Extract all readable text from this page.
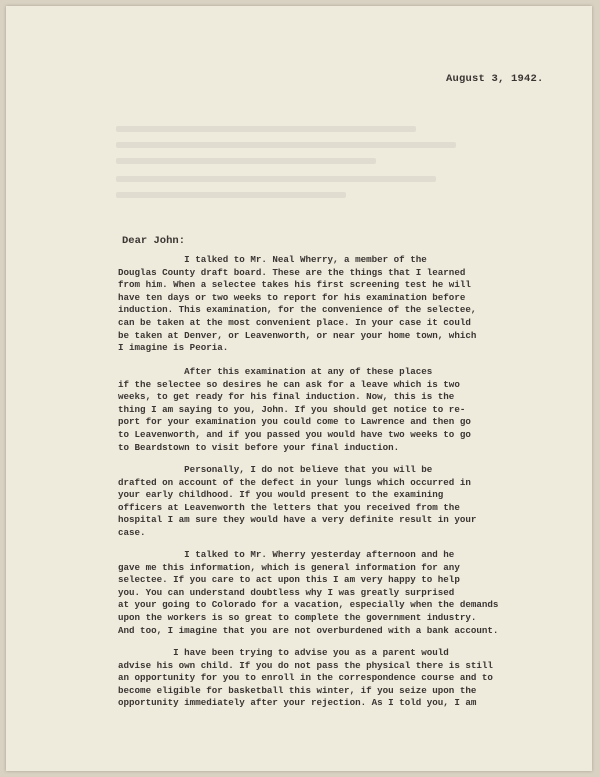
August 3, 1942.
Dear John:
I talked to Mr. Neal Wherry, a member of the
Douglas County draft board. These are the things that I learned
from him. When a selectee takes his first screening test he will
have ten days or two weeks to report for his examination before
induction. This examination, for the convenience of the selectee,
can be taken at the most convenient place. In your case it could
be taken at Denver, or Leavenworth, or near your home town, which
I imagine is Peoria.
After this examination at any of these places
if the selectee so desires he can ask for a leave which is two
weeks, to get ready for his final induction. Now, this is the
thing I am saying to you, John. If you should get notice to re-
port for your examination you could come to Lawrence and then go
to Leavenworth, and if you passed you would have two weeks to go
to Beardstown to visit before your final induction.
Personally, I do not believe that you will be
drafted on account of the defect in your lungs which occurred in
your early childhood. If you would present to the examining
officers at Leavenworth the letters that you received from the
hospital I am sure they would have a very definite result in your
case.
I talked to Mr. Wherry yesterday afternoon and he
gave me this information, which is general information for any
selectee. If you care to act upon this I am very happy to help
you. You can understand doubtless why I was greatly surprised
at your going to Colorado for a vacation, especially when the demands
upon the workers is so great to complete the government industry.
And too, I imagine that you are not overburdened with a bank account.
I have been trying to advise you as a parent would
advise his own child. If you do not pass the physical there is still
an opportunity for you to enroll in the correspondence course and to
become eligible for basketball this winter, if you seize upon the
opportunity immediately after your rejection. As I told you, I am
